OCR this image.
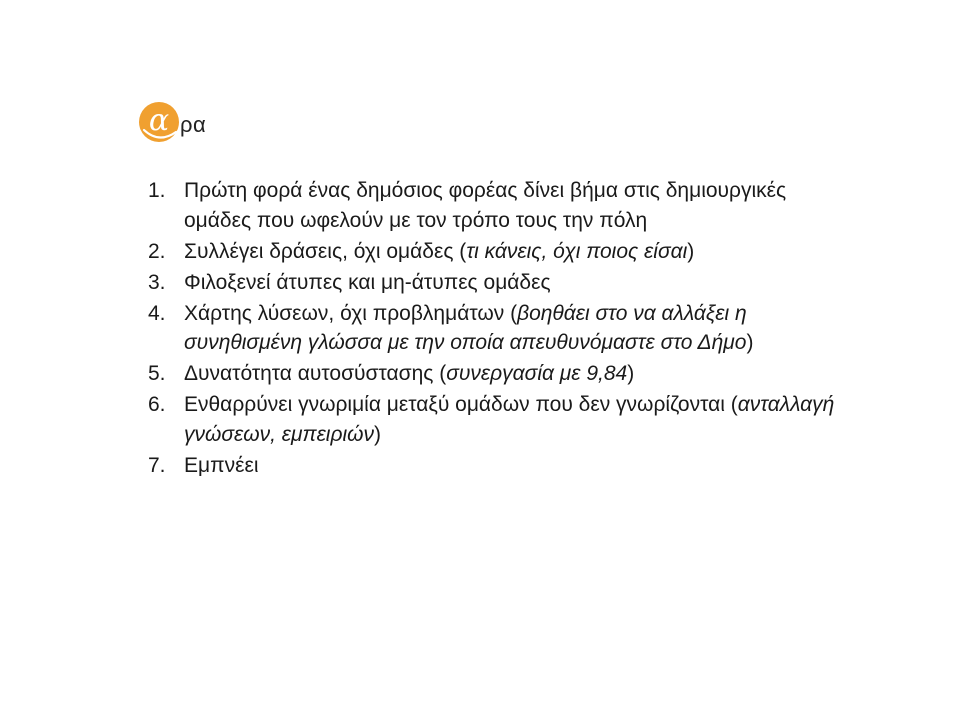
α ρα
1. Πρώτη φορά ένας δημόσιος φορέας δίνει βήμα στις δημιουργικές ομάδες που ωφελούν με τον τρόπο τους την πόλη
2. Συλλέγει δράσεις, όχι ομάδες (τι κάνεις, όχι ποιος είσαι)
3. Φιλοξενεί άτυπες και μη-άτυπες ομάδες
4. Χάρτης λύσεων, όχι προβλημάτων (βοηθάει στο να αλλάξει η συνηθισμένη γλώσσα με την οποία απευθυνόμαστε στο Δήμο)
5. Δυνατότητα αυτοσύστασης (συνεργασία με 9,84)
6. Ενθαρρύνει γνωριμία μεταξύ ομάδων που δεν γνωρίζονται (ανταλλαγή γνώσεων, εμπειριών)
7. Εμπνέει
